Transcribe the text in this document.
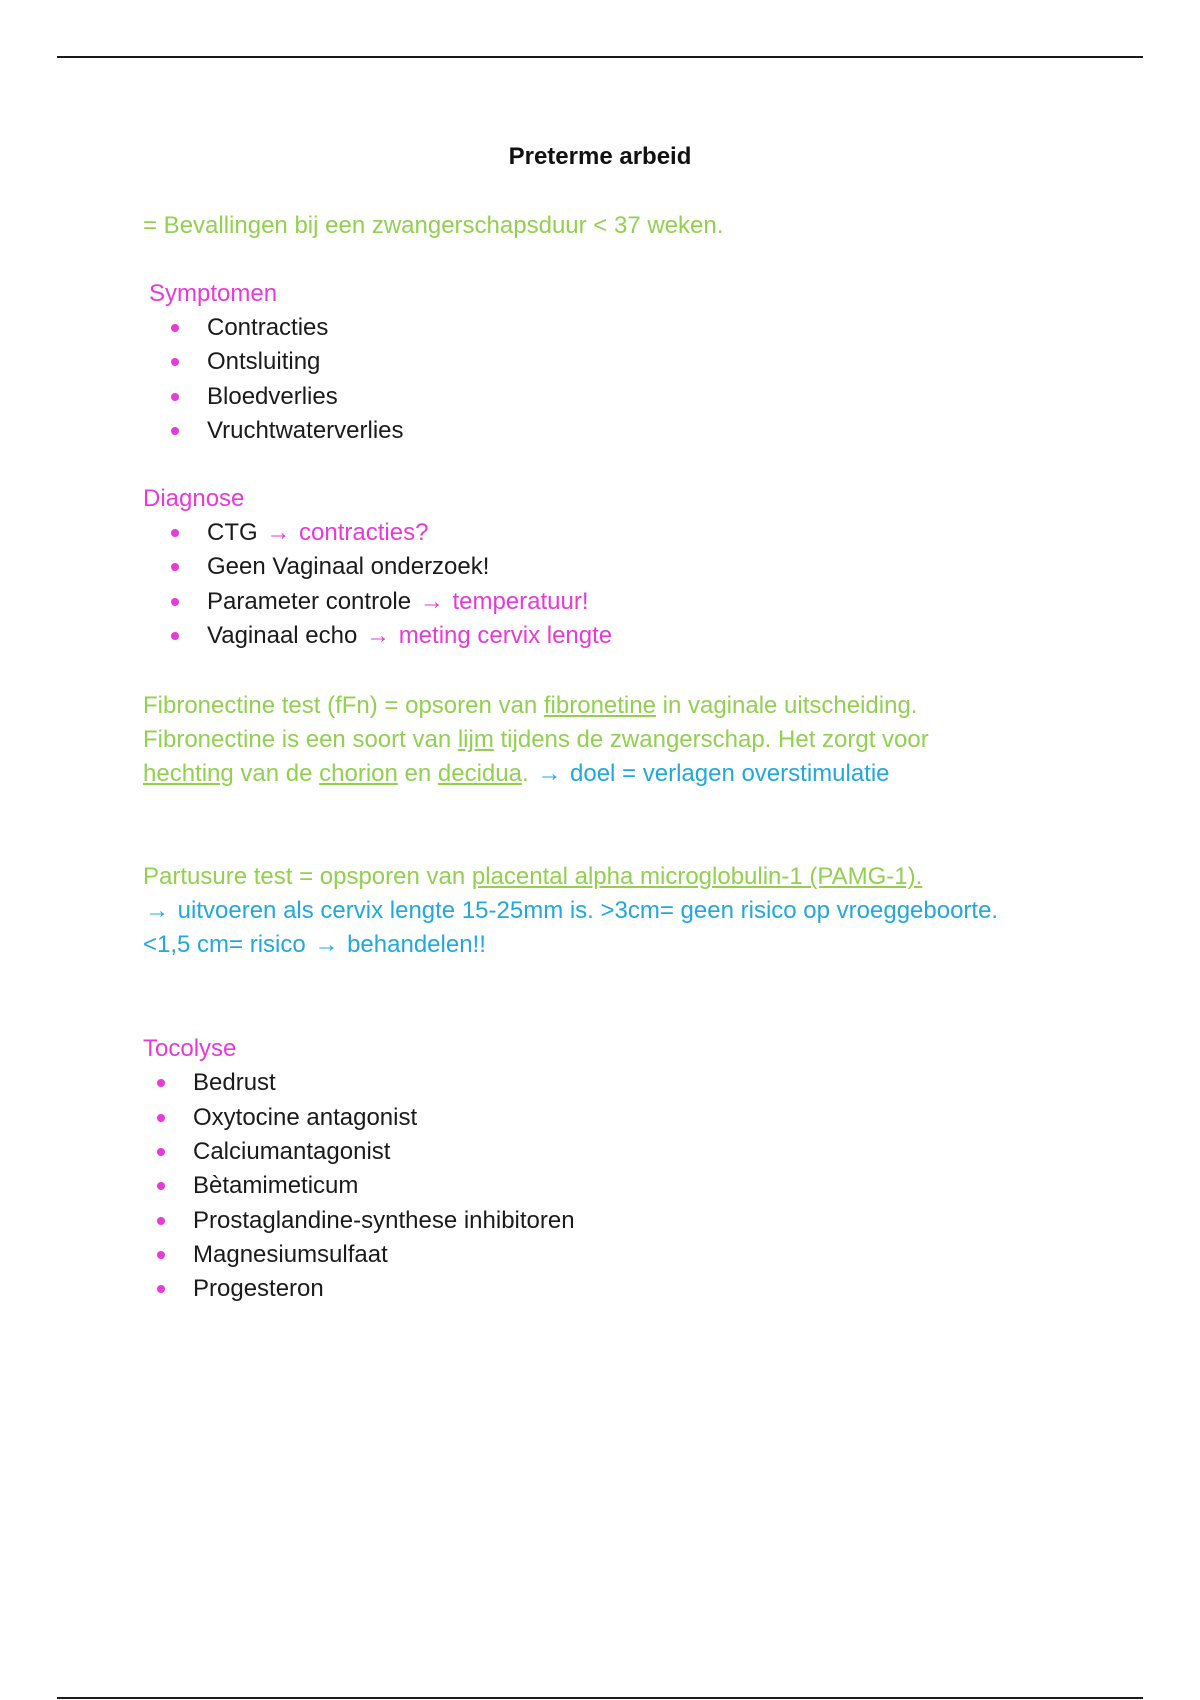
Preterme arbeid
= Bevallingen bij een zwangerschapsduur < 37 weken.
Symptomen
Contracties
Ontsluiting
Bloedverlies
Vruchtwaterverlies
Diagnose
CTG → contracties?
Geen Vaginaal onderzoek!
Parameter controle → temperatuur!
Vaginaal echo → meting cervix lengte
Fibronectine test (fFn) = opsoren van fibronetine in vaginale uitscheiding.
Fibronectine is een soort van lijm tijdens de zwangerschap. Het zorgt voor
hechting van de chorion en decidua. → doel = verlagen overstimulatie
Partusure test = opsporen van placental alpha microglobulin-1 (PAMG-1).
→ uitvoeren als cervix lengte 15-25mm is. >3cm= geen risico op vroeggeboorte.
<1,5 cm= risico → behandelen!!
Tocolyse
Bedrust
Oxytocine antagonist
Calciumantagonist
Bètamimeticum
Prostaglandine-synthese inhibitoren
Magnesiumsulfaat
Progesteron
